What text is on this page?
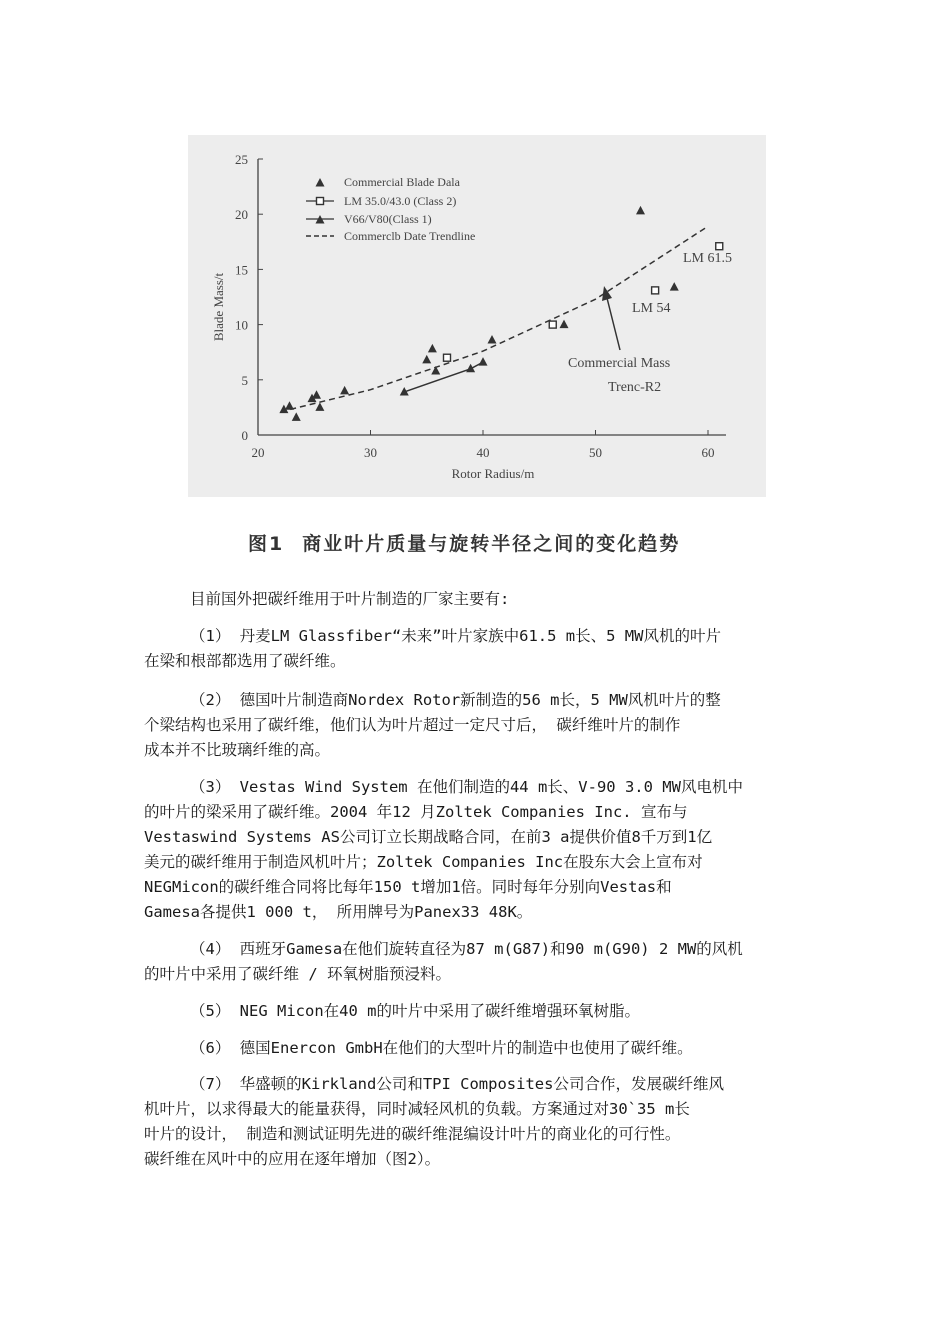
20	30	40	50	60
0
5
10
15
20
25
Rotor Radius/m
Blade Mass/t
Commercial Blade Dala
LM 35.0/43.0 (Class 2)
V66/V80(Class 1)
Commerclb Date Trendline
LM 61.5
LM 54
Commercial Mass
Trenc-R2
图1 商业叶片质量与旋转半径之间的变化趋势
目前国外把碳纤维用于叶片制造的厂家主要有:
（1） 丹麦LM Glassfiber“未来”叶片家族中61.5 m长、5 MW风机的叶片
在梁和根部都选用了碳纤维。
（2） 德国叶片制造商Nordex Rotor新制造的56 m长，5 MW风机叶片的整
个梁结构也采用了碳纤维，他们认为叶片超过一定尺寸后， 碳纤维叶片的制作
成本并不比玻璃纤维的高。
（3） Vestas Wind System 在他们制造的44 m长、V-90 3.0 MW风电机中
的叶片的梁采用了碳纤维。2004 年12 月Zoltek Companies Inc. 宣布与
Vestaswind Systems AS公司订立长期战略合同，在前3 a提供价值8千万到1亿
美元的碳纤维用于制造风机叶片；Zoltek Companies Inc在股东大会上宣布对
NEGMicon的碳纤维合同将比每年150 t增加1倍。同时每年分别向Vestas和
Gamesa各提供1 000 t， 所用牌号为Panex33 48K。
（4） 西班牙Gamesa在他们旋转直径为87 m(G87)和90 m(G90) 2 MW的风机
的叶片中采用了碳纤维 / 环氧树脂预浸料。
（5） NEG Micon在40 m的叶片中采用了碳纤维增强环氧树脂。
（6） 德国Enercon GmbH在他们的大型叶片的制造中也使用了碳纤维。
（7） 华盛顿的Kirkland公司和TPI Composites公司合作，发展碳纤维风
机叶片，以求得最大的能量获得，同时减轻风机的负载。方案通过对30`35 m长
叶片的设计， 制造和测试证明先进的碳纤维混编设计叶片的商业化的可行性。
碳纤维在风叶中的应用在逐年增加（图2）。
